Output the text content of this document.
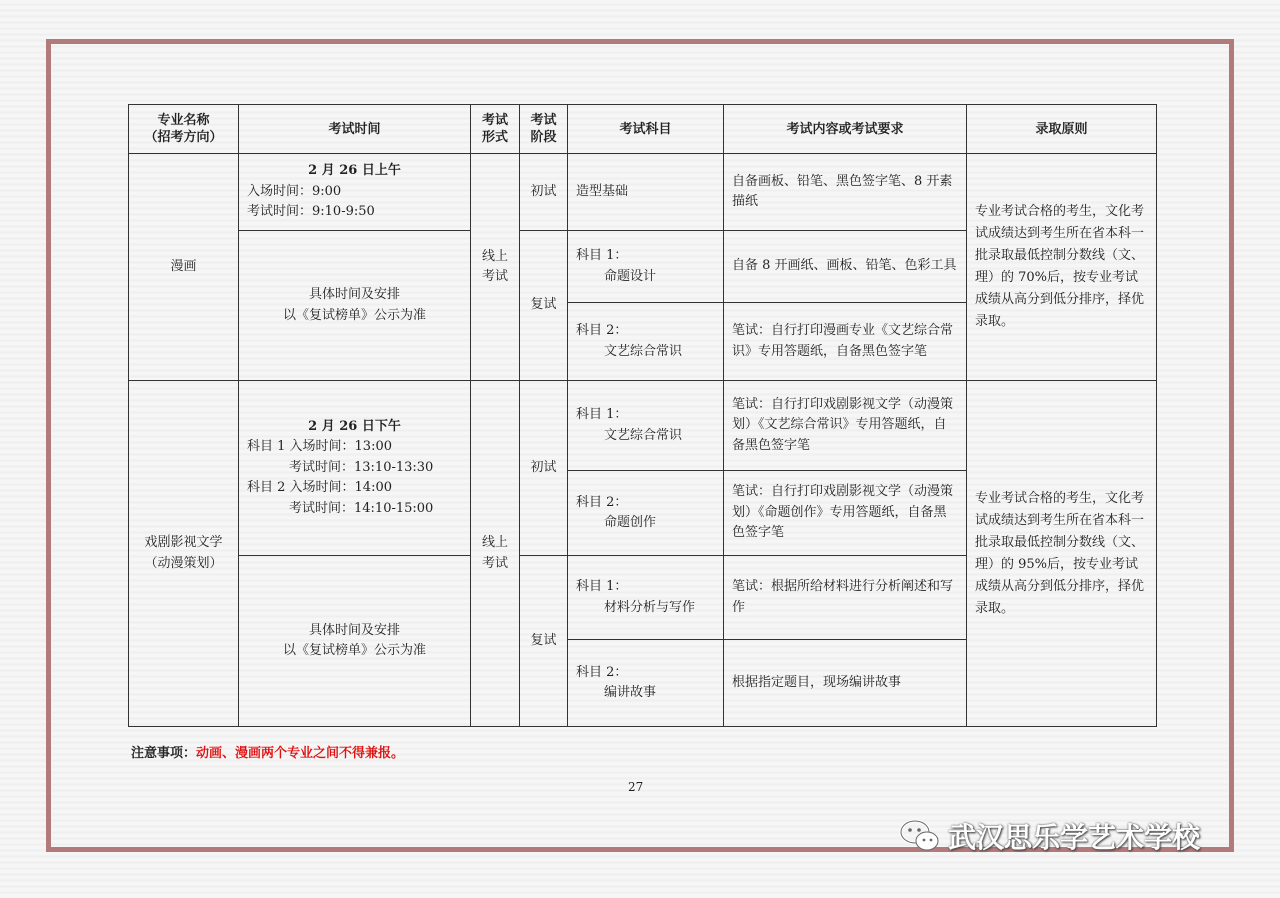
专业名称
（招考方向）
考试时间
考试
形式
考试
阶段
考试科目	考试内容或考试要求	录取原则
漫画
2 月 26 日上午
入场时间：9:00
考试时间：9:10-9:50
具体时间及安排
以《复试榜单》公示为准
线上
考试
初试
复试
造型基础
科目 1：
命题设计
科目 2：
文艺综合常识
自备画板、铅笔、黑色签字笔、8 开素描纸
自备 8 开画纸、画板、铅笔、色彩工具
笔试：自行打印漫画专业《文艺综合常识》专用答题纸，自备黑色签字笔
专业考试合格的考生，文化考试成绩达到考生所在省本科一批录取最低控制分数线（文、理）的 70%后，按专业考试成绩从高分到低分排序，择优录取。
戏剧影视文学
（动漫策划）
2 月 26 日下午
科目 1 入场时间：13:00
考试时间：13:10-13:30
科目 2 入场时间：14:00
考试时间：14:10-15:00
具体时间及安排
以《复试榜单》公示为准
线上
考试
初试
复试
科目 1：
文艺综合常识
科目 2：
命题创作
科目 1：
材料分析与写作
科目 2：
编讲故事
笔试：自行打印戏剧影视文学（动漫策划）《文艺综合常识》专用答题纸，自备黑色签字笔
笔试：自行打印戏剧影视文学（动漫策划）《命题创作》专用答题纸，自备黑色签字笔
笔试：根据所给材料进行分析阐述和写作
根据指定题目，现场编讲故事
专业考试合格的考生，文化考试成绩达到考生所在省本科一批录取最低控制分数线（文、理）的 95%后，按专业考试成绩从高分到低分排序，择优录取。
注意事项：动画、漫画两个专业之间不得兼报。
27
武汉思乐学艺术学校
